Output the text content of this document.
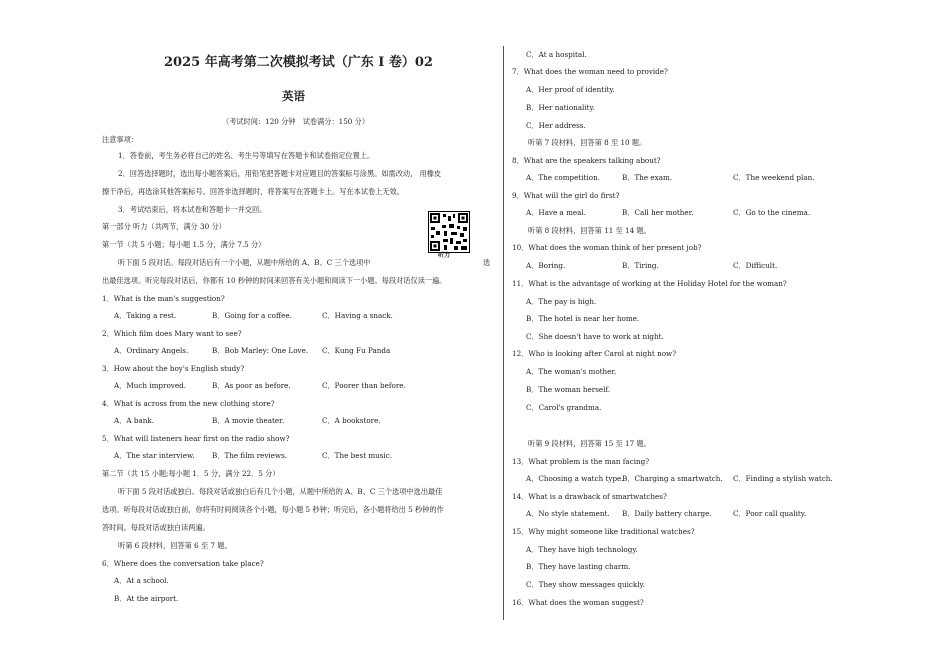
2025 年高考第二次模拟考试（广东 I 卷）02
英语
（考试时间：120 分钟　试卷满分：150 分）
注意事项：
1．答卷前，考生务必将自己的姓名、考生号等填写在答题卡和试卷指定位置上。
2．回答选择题时，选出每小题答案后，用铅笔把答题卡对应题目的答案标号涂黑。如需改动， 用橡皮
擦干净后，再选涂其他答案标号。回答非选择题时，将答案写在答题卡上。写在本试卷上无效。
3．考试结束后，将本试卷和答题卡一并交回。
第一部分 听力（共两节，满分 30 分）
第一节（共 5 小题；每小题 1.5 分，满分 7.5 分）
听力
听下面 5 段对话。每段对话后有一个小题，从题中所给的 A、B、C 三个选项中	选
出最佳选项。听完每段对话后，你都有 10 秒钟的时间来回答有关小题和阅读下一小题。每段对话仅读一遍。
1．What is the man's suggestion?
A．Taking a rest.	B．Going for a coffee.	C．Having a snack.
2．Which film does Mary want to see?
A．Ordinary Angels.	B．Bob Marley: One Love. C．Kung Fu Panda
3．How about the boy's English study?
A．Much improved.	B．As poor as before.	C．Poorer than before.
4．What is across from the new clothing store?
A．A bank.	B．A movie theater.	C．A bookstore.
5．What will listeners hear first on the radio show?
A．The star interview. B．The film reviews.	C．The best music.
第二节（共 15 小题;每小题 1．5 分，满分 22．5 分）
听下面 5 段对话或独白。每段对话或独白后有几个小题，从题中所给的 A、B、C 三个选项中选出最佳
选项。听每段对话或独白前，你将有时间阅读各个小题，每小题 5 秒钟；听完后，各小题将给出 5 秒钟的作
答时间。每段对话或独白读两遍。
听第 6 段材料，回答第 6 至 7 题。
6．Where does the conversation take place?
A．At a school.
B．At the airport.
C．At a hospital.
7．What does the woman need to provide?
A．Her proof of identity.
B．Her nationality.
C．Her address.
听第 7 段材料，回答第 8 至 10 题。
8．What are the speakers talking about?
A．The competition.	B．The exam.	C．The weekend plan.
9．What will the girl do first?
A．Have a meal.	B．Call her mother.	C．Go to the cinema.
听第 8 段材料，回答第 11 至 14 题。
10．What does the woman think of her present job?
A．Boring.	B．Tiring.	C．Difficult.
11．What is the advantage of working at the Holiday Hotel for the woman?
A．The pay is high.
B．The hotel is near her home.
C．She doesn't have to work at night.
12．Who is looking after Carol at night now?
A．The woman's mother.
B．The woman herself.
C．Carol's grandma.
听第 9 段材料，回答第 15 至 17 题。
13．What problem is the man facing?
A．Choosing a watch type.
B．Charging a smartwatch. C．Finding a stylish watch.
14．What is a drawback of smartwatches?
A．No style statement. B．Daily battery charge.	C．Poor call quality.
15．Why might someone like traditional watches?
A．They have high technology.
B．They have lasting charm.
C．They show messages quickly.
16．What does the woman suggest?
